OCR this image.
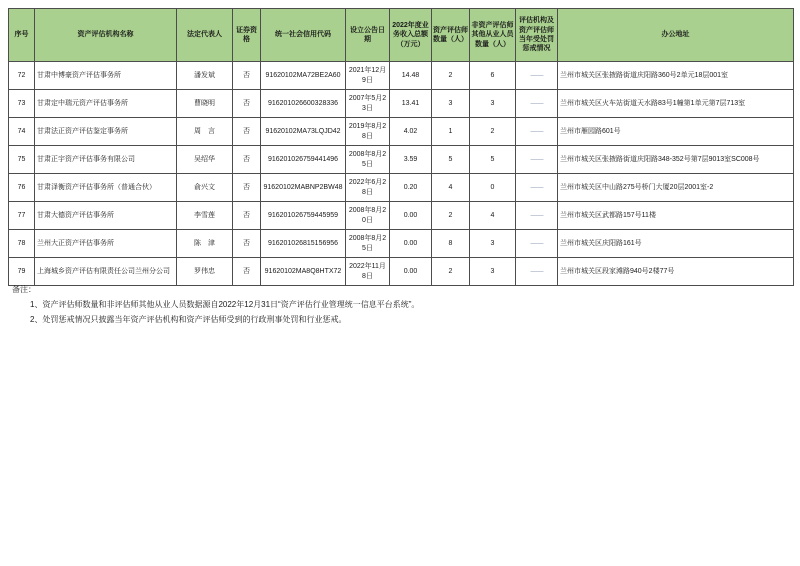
序号	资产评估机构名称	法定代表人	证券资格	统一社会信用代码	设立公告日期	2022年度业务收入总额（万元）	资产评估师数量（人）	非资产评估师其他从业人员数量（人）	评估机构及资产评估师当年受处罚惩戒情况	办公地址
72	甘肃中博豪资产评估事务所	潘发斌	否	91620102MA72BE2A60	2021年12月9日	14.48	2	6	——	兰州市城关区张掖路街道庆阳路360号2单元18层001室
73	甘肃定中瑞元资产评估事务所	曹晓明	否	916201026600328336	2007年5月23日	13.41	3	3	——	兰州市城关区火车站街道天水路83号1幢第1单元第7层713室
74	甘肃法正资产评估鉴定事务所	周　言	否	91620102MA73LQJD42	2019年8月28日	4.02	1	2	——	兰州市雁园路601号
75	甘肃正宇资产评估事务有限公司	吴绍华	否	916201026759441496	2008年8月25日	3.59	5	5	——	兰州市城关区张掖路街道庆阳路348-352号第7层9013室SC008号
76	甘肃泽衡资产评估事务所（普通合伙）	俞兴文	否	91620102MABNP2BW48	2022年6月28日	0.20	4	0	——	兰州市城关区中山路275号桥门大厦20层2001室-2
77	甘肃大德资产评估事务所	李雪莲	否	916201026759445959	2008年8月20日	0.00	2	4	——	兰州市城关区武都路157号11楼
78	兰州大正资产评估事务所	陈　津	否	916201026815156956	2008年8月25日	0.00	8	3	——	兰州市城关区庆阳路161号
79	上海城乡资产评估有限责任公司兰州分公司	罗伟忠	否	91620102MA8Q8HTX72	2022年11月8日	0.00	2	3	——	兰州市城关区段家滩路940号2楼77号

备注：

1、资产评估师数量和非评估师其他从业人员数据源自2022年12月31日“资产评估行业管理统一信息平台系统”。

2、处罚惩戒情况只披露当年资产评估机构和资产评估师受到的行政刑事处罚和行业惩戒。
